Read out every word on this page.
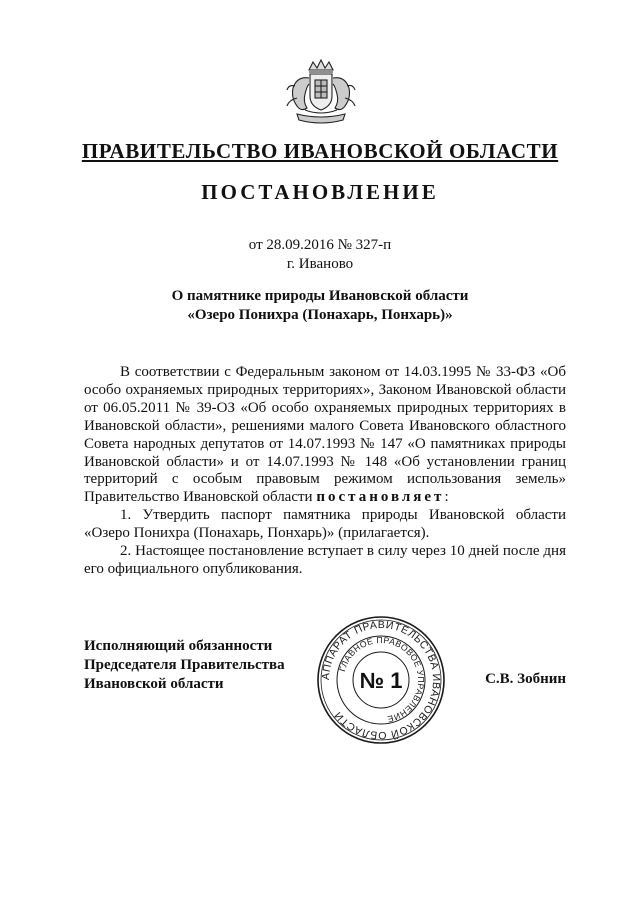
ПРАВИТЕЛЬСТВО ИВАНОВСКОЙ ОБЛАСТИ
ПОСТАНОВЛЕНИЕ
от 28.09.2016 № 327-п
г. Иваново
О памятнике природы Ивановской области
«Озеро Понихра (Понахарь, Понхарь)»

В соответствии с Федеральным законом от 14.03.1995 № 33-ФЗ «Об особо охраняемых природных территориях», Законом Ивановской области от 06.05.2011 № 39-ОЗ «Об особо охраняемых природных территориях в Ивановской области», решениями малого Совета Ивановского областного Совета народных депутатов от 14.07.1993 № 147 «О памятниках природы Ивановской области» и от 14.07.1993 № 148 «Об установлении границ территорий с особым правовым режимом использования земель» Правительство Ивановской области постановляет:

1. Утвердить паспорт памятника природы Ивановской области «Озеро Понихра (Понахарь, Понхарь)» (прилагается).

2. Настоящее постановление вступает в силу через 10 дней после дня его официального опубликования.

Исполняющий обязанности
Председателя Правительства
Ивановской области	АППАРАТ ПРАВИТЕЛЬСТВА ИВАНОВСКОЙ ОБЛАСТИ
ГЛАВНОЕ ПРАВОВОЕ УПРАВЛЕНИЕ
№ 1	С.В. Зобнин
